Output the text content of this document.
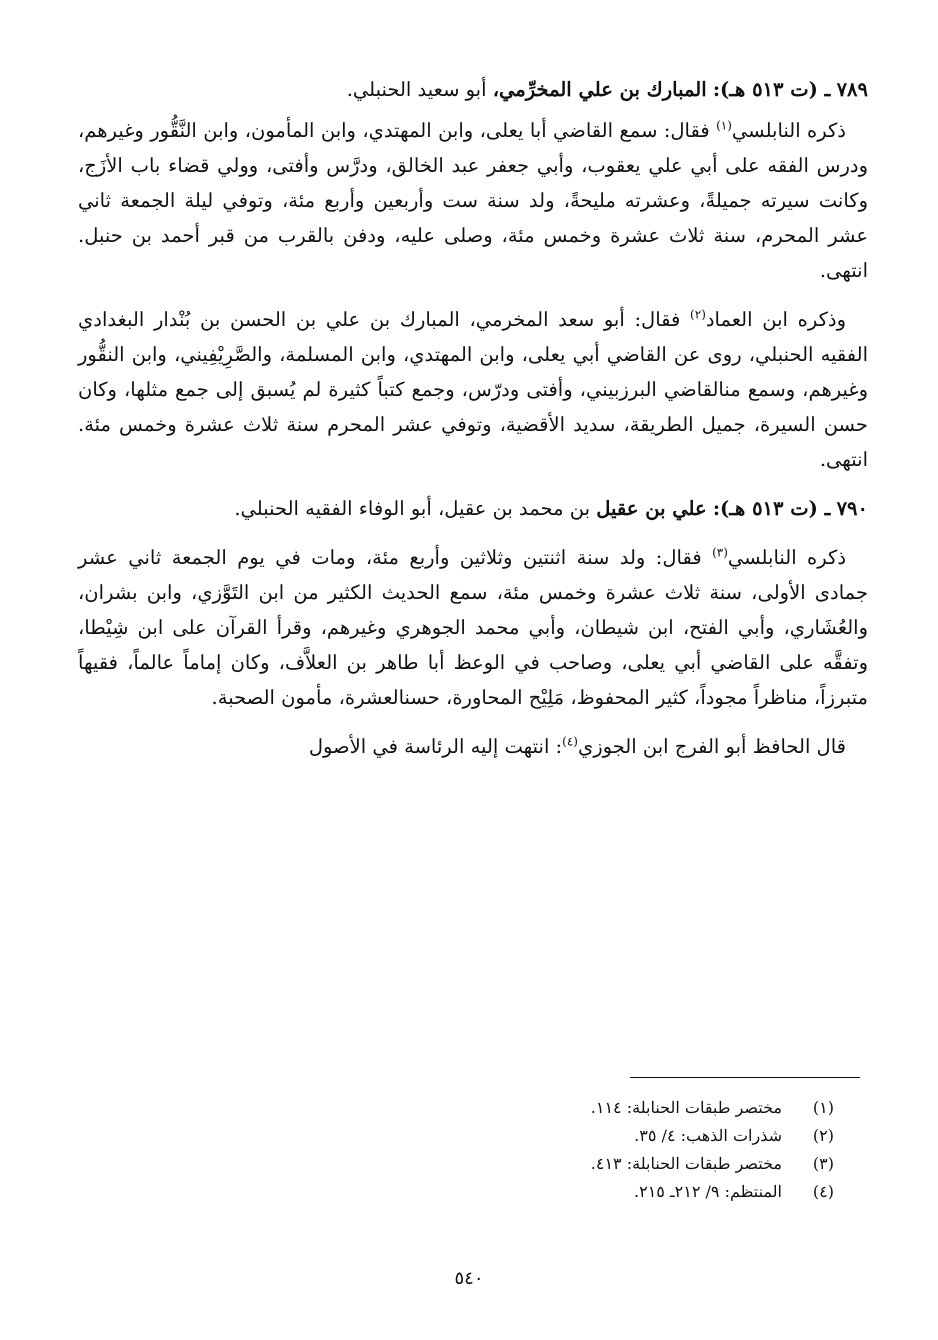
٧٨٩ ـ (ت ٥١٣ هـ): المبارك بن علي المخرِّمي، أبو سعيد الحنبلي.

ذكره النابلسي$^{(١)}$ فقال: سمع القاضي أبا يعلى، وابن المهتدي، وابن المأمون، وابن النَّقُّور وغيرهم، ودرس الفقه على أبي علي يعقوب، وأبي جعفر عبد الخالق، ودرَّس وأفتى، وولي قضاء باب الأزَج، وكانت سيرته جميلةً، وعشرته مليحةً، ولد سنة ست وأربعين وأربع مئة، وتوفي ليلة الجمعة ثاني عشر المحرم، سنة ثلاث عشرة وخمس مئة، وصلى عليه، ودفن بالقرب من قبر أحمد بن حنبل. انتهى.

وذكره ابن العماد$^{(٢)}$ فقال: أبو سعد المخرمي، المبارك بن علي بن الحسن بن بُنْدار البغدادي الفقيه الحنبلي، روى عن القاضي أبي يعلى، وابن المهتدي، وابن المسلمة، والصَّرِيْفِيني، وابن النقُّور وغيرهم، وسمع منالقاضي البرزبيني، وأفتى ودرّس، وجمع كتباً كثيرة لم يُسبق إلى جمع مثلها، وكان حسن السيرة، جميل الطريقة، سديد الأقضية، وتوفي عشر المحرم سنة ثلاث عشرة وخمس مئة. انتهى.

٧٩٠ ـ (ت ٥١٣ هـ): علي بن عقيل بن محمد بن عقيل، أبو الوفاء الفقيه الحنبلي.

ذكره النابلسي$^{(٣)}$ فقال: ولد سنة اثنتين وثلاثين وأربع مئة، ومات في يوم الجمعة ثاني عشر جمادى الأولى، سنة ثلاث عشرة وخمس مئة، سمع الحديث الكثير من ابن التَوَّزي، وابن بشران، والعُشَاري، وأبي الفتح، ابن شيطان، وأبي محمد الجوهري وغيرهم، وقرأ القرآن على ابن شِيْطا، وتفقَّه على القاضي أبي يعلى، وصاحب في الوعظ أبا طاهر بن العلاَّف، وكان إماماً عالماً، فقيهاً متبرزاً، مناظراً مجوداً، كثير المحفوظ، مَلِيْح المحاورة، حسنالعشرة، مأمون الصحبة.

قال الحافظ أبو الفرج ابن الجوزي$^{(٤)}$: انتهت إليه الرئاسة في الأصول

(١)
مختصر طبقات الحنابلة: ١١٤.
(٢)
شذرات الذهب: ٤/ ٣٥.
(٣)
مختصر طبقات الحنابلة: ٤١٣.
(٤)
المنتظم: ٩/ ٢١٢ـ ٢١٥.
٥٤٠
